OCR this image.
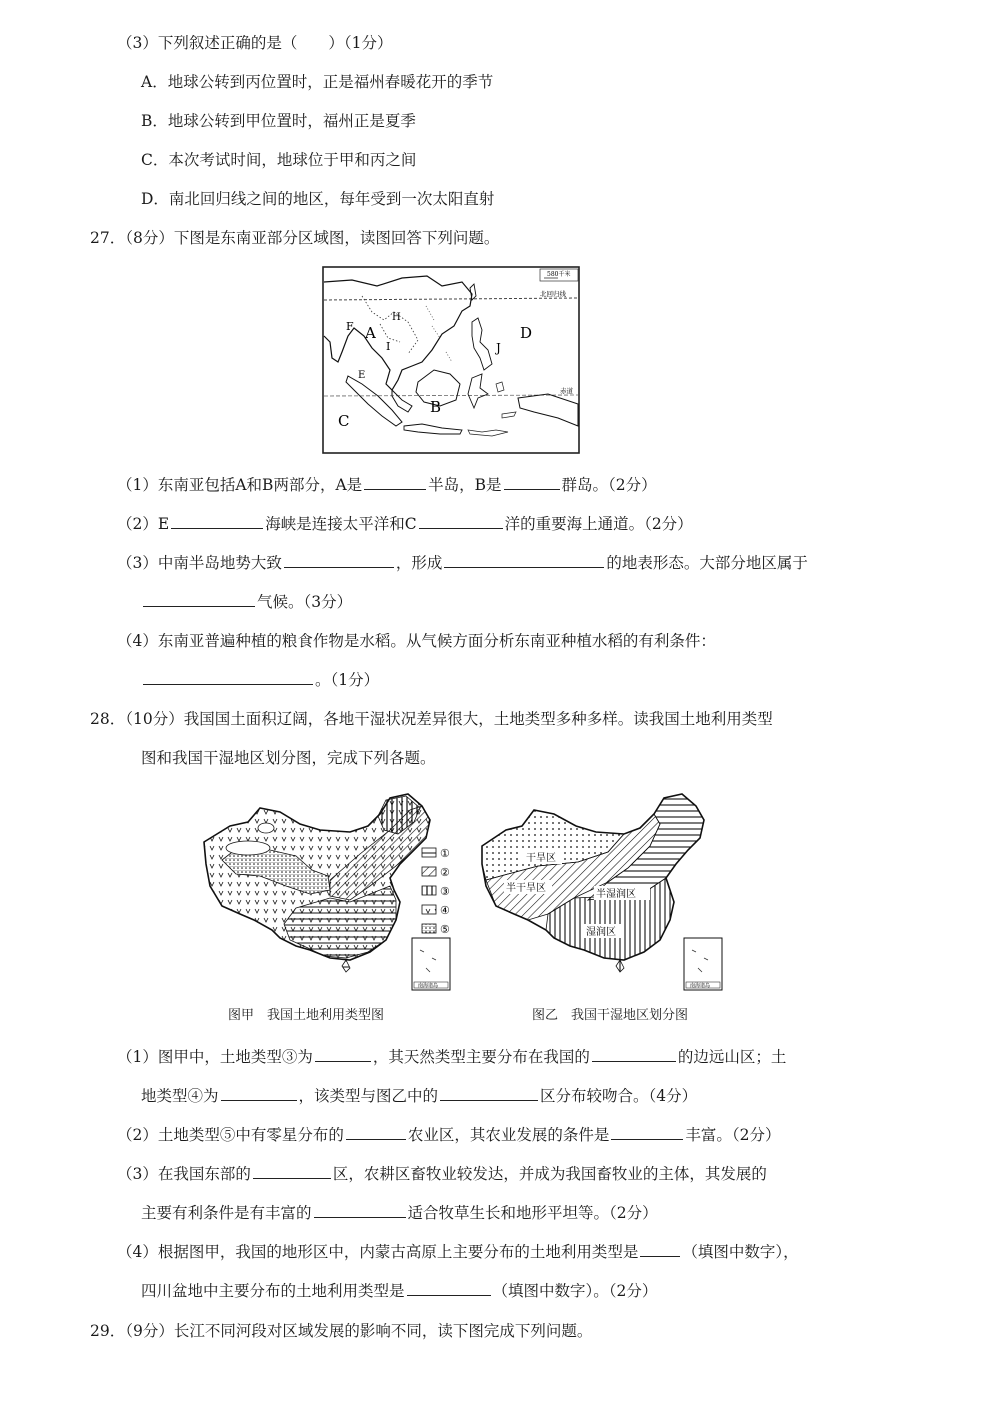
（3）下列叙述正确的是（　　）（1分）
A．地球公转到丙位置时，正是福州春暖花开的季节
B．地球公转到甲位置时，福州正是夏季
C．本次考试时间，地球位于甲和丙之间
D．南北回归线之间的地区，每年受到一次太阳直射
27．（8分）下图是东南亚部分区域图，读图回答下列问题。
580千米
北回归线
赤道
F
H
A
I
E
B
J
D
C
（1）东南亚包括A和B两部分，A是	半岛，B是	群岛。（2分）
（2）E	海峡是连接太平洋和C	洋的重要海上通道。（2分）
（3）中南半岛地势大致	，形成	的地表形态。大部分地区属于
气候。（3分）
（4）东南亚普遍种植的粮食作物是水稻。从气候方面分析东南亚种植水稻的有利条件：
。（1分）
28．（10分）我国国土面积辽阔，各地干湿状况差异很大，土地类型多种多样。读我国土地利用类型
图和我国干湿地区划分图，完成下列各题。
南海诸岛
①
②
③
④
⑤
干旱区
半干旱区
半湿润区
湿润区
南海诸岛
图甲　我国土地利用类型图	图乙　我国干湿地区划分图
（1）图甲中，土地类型③为	，其天然类型主要分布在我国的	的边远山区；土
地类型④为	，该类型与图乙中的	区分布较吻合。（4分）
（2）土地类型⑤中有零星分布的	农业区，其农业发展的条件是	丰富。（2分）
（3）在我国东部的	区，农耕区畜牧业较发达，并成为我国畜牧业的主体，其发展的
主要有利条件是有丰富的	适合牧草生长和地形平坦等。（2分）
（4）根据图甲，我国的地形区中，内蒙古高原上主要分布的土地利用类型是	（填图中数字），
四川盆地中主要分布的土地利用类型是	（填图中数字）。（2分）
29．（9分）长江不同河段对区域发展的影响不同，读下图完成下列问题。
